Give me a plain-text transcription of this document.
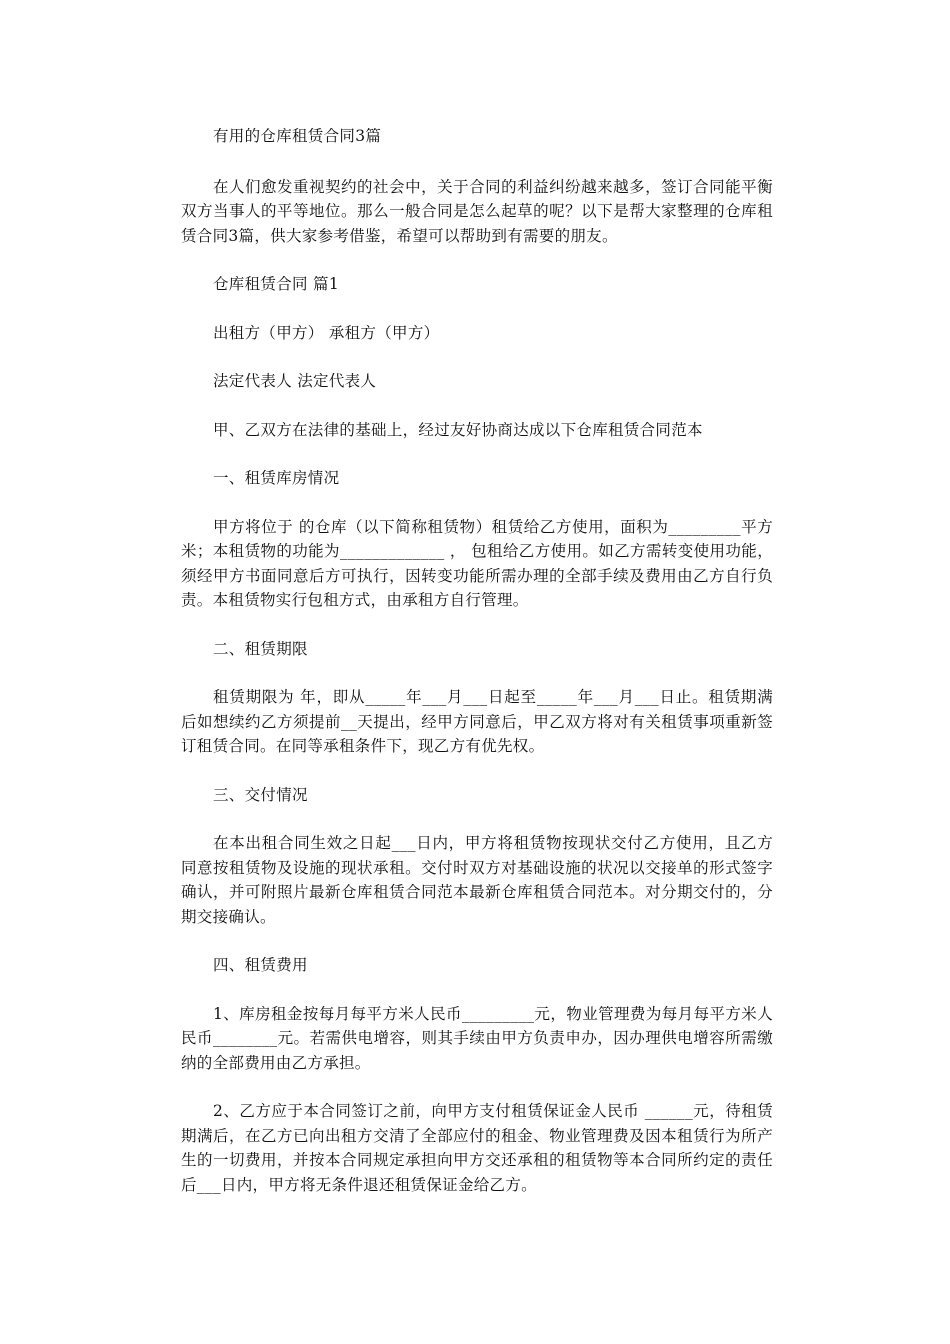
有用的仓库租赁合同3篇

在人们愈发重视契约的社会中，关于合同的利益纠纷越来越多，签订合同能平衡双方当事人的平等地位。那么一般合同是怎么起草的呢？以下是帮大家整理的仓库租赁合同3篇，供大家参考借鉴，希望可以帮助到有需要的朋友。

仓库租赁合同 篇1

出租方（甲方） 承租方（甲方）

法定代表人 法定代表人

甲、乙双方在法律的基础上，经过友好协商达成以下仓库租赁合同范本

一、租赁库房情况

甲方将位于 的仓库（以下简称租赁物）租赁给乙方使用，面积为_________平方米；本租赁物的功能为_____________ ， 包租给乙方使用。如乙方需转变使用功能，须经甲方书面同意后方可执行，因转变功能所需办理的全部手续及费用由乙方自行负责。本租赁物实行包租方式，由承租方自行管理。

二、租赁期限

租赁期限为 年，即从_____年___月___日起至_____年___月___日止。租赁期满后如想续约乙方须提前__天提出，经甲方同意后，甲乙双方将对有关租赁事项重新签订租赁合同。在同等承租条件下，现乙方有优先权。

三、交付情况

在本出租合同生效之日起___日内，甲方将租赁物按现状交付乙方使用，且乙方同意按租赁物及设施的现状承租。交付时双方对基础设施的状况以交接单的形式签字确认，并可附照片最新仓库租赁合同范本最新仓库租赁合同范本。对分期交付的，分期交接确认。

四、租赁费用

1、库房租金按每月每平方米人民币_________元，物业管理费为每月每平方米人民币________元。若需供电增容，则其手续由甲方负责申办，因办理供电增容所需缴纳的全部费用由乙方承担。

2、乙方应于本合同签订之前，向甲方支付租赁保证金人民币 ______元，待租赁期满后，在乙方已向出租方交清了全部应付的租金、物业管理费及因本租赁行为所产生的一切费用，并按本合同规定承担向甲方交还承租的租赁物等本合同所约定的责任后___日内，甲方将无条件退还租赁保证金给乙方。
